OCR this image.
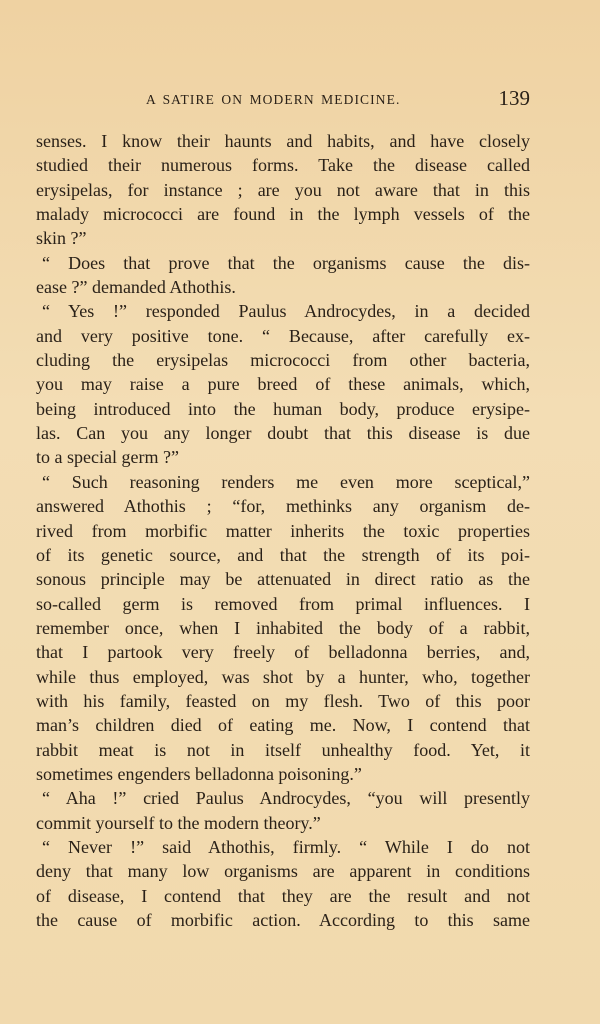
A SATIRE ON MODERN MEDICINE.	139
senses. I know their haunts and habits, and have closely
studied their numerous forms. Take the disease called
erysipelas, for instance ; are you not aware that in this
malady micrococci are found in the lymph vessels of the
skin ?”
“ Does that prove that the organisms cause the dis-
ease ?” demanded Athothis.
“ Yes !” responded Paulus Androcydes, in a decided
and very positive tone. “ Because, after carefully ex-
cluding the erysipelas micrococci from other bacteria,
you may raise a pure breed of these animals, which,
being introduced into the human body, produce erysipe-
las. Can you any longer doubt that this disease is due
to a special germ ?”
“ Such reasoning renders me even more sceptical,”
answered Athothis ; “for, methinks any organism de-
rived from morbific matter inherits the toxic properties
of its genetic source, and that the strength of its poi-
sonous principle may be attenuated in direct ratio as the
so-called germ is removed from primal influences. I
remember once, when I inhabited the body of a rabbit,
that I partook very freely of belladonna berries, and,
while thus employed, was shot by a hunter, who, together
with his family, feasted on my flesh. Two of this poor
man’s children died of eating me. Now, I contend that
rabbit meat is not in itself unhealthy food. Yet, it
sometimes engenders belladonna poisoning.”
“ Aha !” cried Paulus Androcydes, “you will presently
commit yourself to the modern theory.”
“ Never !” said Athothis, firmly. “ While I do not
deny that many low organisms are apparent in conditions
of disease, I contend that they are the result and not
the cause of morbific action. According to this same
